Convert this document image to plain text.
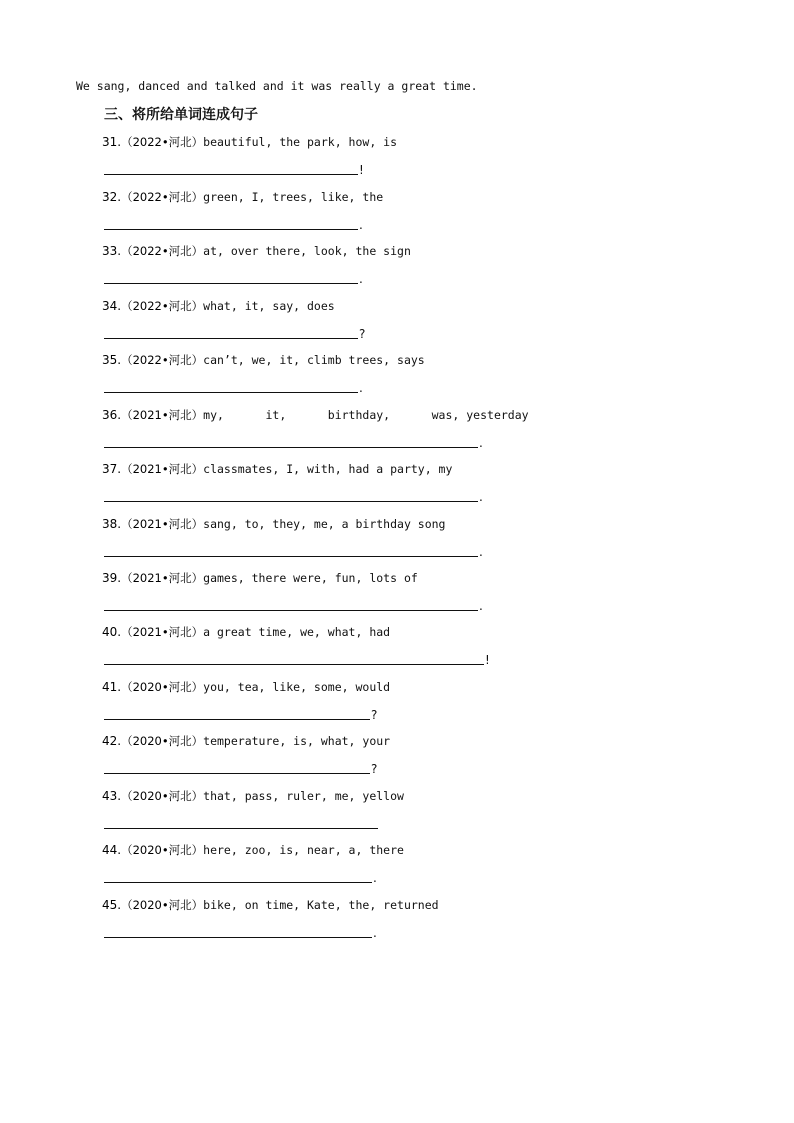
We sang, danced and talked and it was really a great time.
三、将所给单词连成句子
31.（2022•河北）beautiful, the park, how, is
!
32.（2022•河北）green, I, trees, like, the
.
33.（2022•河北）at, over there, look, the sign
.
34.（2022•河北）what, it, say, does
?
35.（2022•河北）can’t, we, it, climb trees, says
.
36.（2021•河北）my,      it,      birthday,      was, yesterday
.
37.（2021•河北）classmates, I, with, had a party, my
.
38.（2021•河北）sang, to, they, me, a birthday song
.
39.（2021•河北）games, there were, fun, lots of
.
40.（2021•河北）a great time, we, what, had
!
41.（2020•河北）you, tea, like, some, would
?
42.（2020•河北）temperature, is, what, your
?
43.（2020•河北）that, pass, ruler, me, yellow
44.（2020•河北）here, zoo, is, near, a, there
.
45.（2020•河北）bike, on time, Kate, the, returned
.
